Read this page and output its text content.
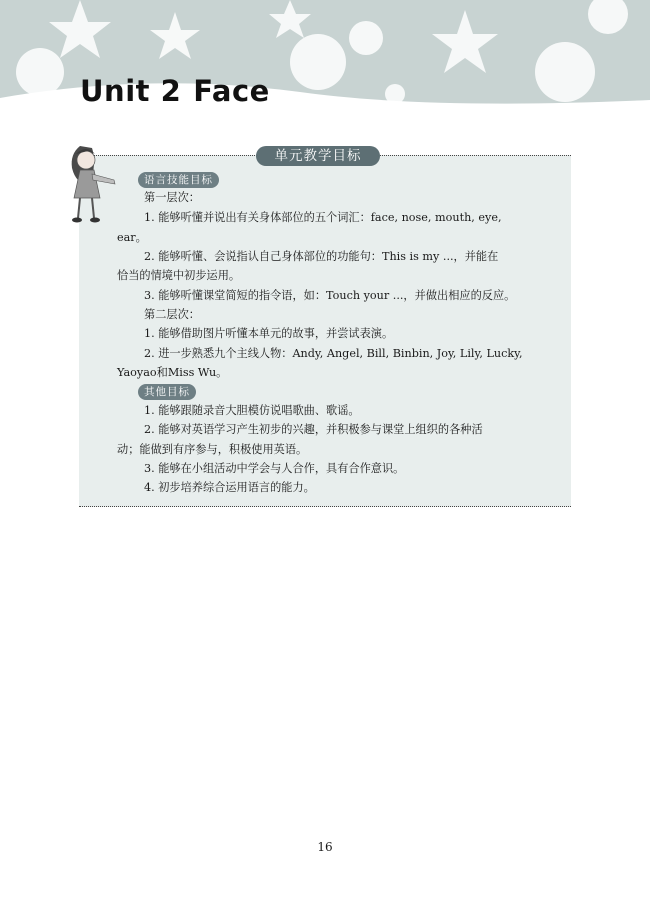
Unit 2 Face
单元教学目标
语言技能目标
第一层次：
1. 能够听懂并说出有关身体部位的五个词汇：face, nose, mouth, eye,
ear。
2. 能够听懂、会说指认自己身体部位的功能句：This is my ...，并能在
恰当的情境中初步运用。
3. 能够听懂课堂简短的指令语，如：Touch your ...，并做出相应的反应。
第二层次：
1. 能够借助图片听懂本单元的故事，并尝试表演。
2. 进一步熟悉九个主线人物：Andy, Angel, Bill, Binbin, Joy, Lily, Lucky,
Yaoyao和Miss Wu。
其他目标
1. 能够跟随录音大胆模仿说唱歌曲、歌谣。
2. 能够对英语学习产生初步的兴趣，并积极参与课堂上组织的各种活
动；能做到有序参与，积极使用英语。
3. 能够在小组活动中学会与人合作，具有合作意识。
4. 初步培养综合运用语言的能力。
16
